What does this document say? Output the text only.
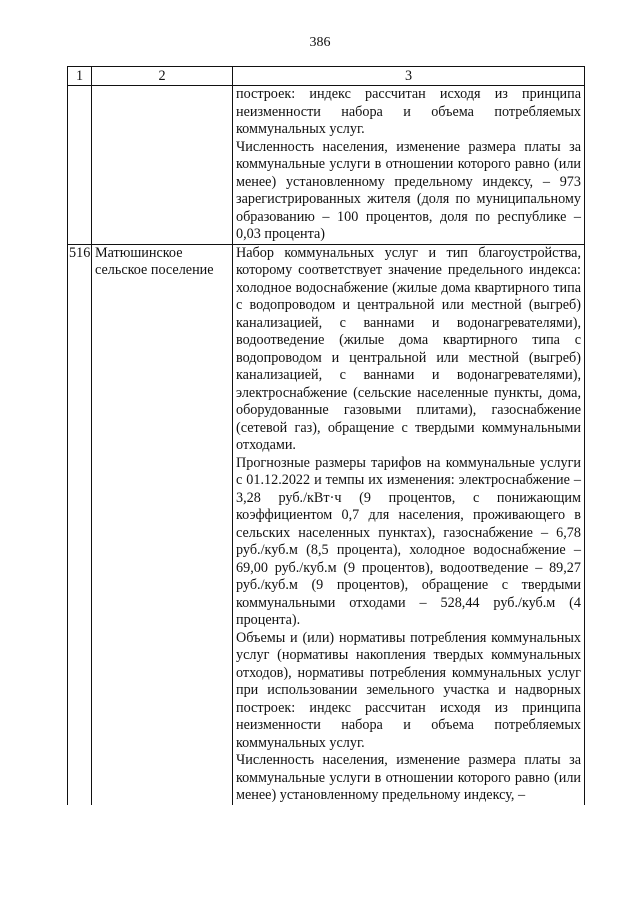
386
1	2	3

		построек: индекс рассчитан исходя из принципа неизменности набора и объема потребляемых коммунальных услуг.
Численность населения, изменение размера платы за коммунальные услуги в отношении которого равно (или менее) установленному предельному индексу, – 973 зарегистрированных жителя (доля по муниципальному образованию – 100 процентов, доля по республике – 0,03 процента)

516	Матюшинское сельское поселение	Набор коммунальных услуг и тип благоустройства, которому соответствует значение предельного индекса: холодное водоснабжение (жилые дома квартирного типа с водопроводом и центральной или местной (выгреб) канализацией, с ваннами и водонагревателями), водоотведение (жилые дома квартирного типа с водопроводом и центральной или местной (выгреб) канализацией, с ваннами и водонагревателями), электроснабжение (сельские населенные пункты, дома, оборудованные газовыми плитами), газоснабжение (сетевой газ), обращение с твердыми коммунальными отходами.
Прогнозные размеры тарифов на коммунальные услуги с 01.12.2022 и темпы их изменения: электроснабжение – 3,28 руб./кВт·ч (9 процентов, с понижающим коэффициентом 0,7 для населения, проживающего в сельских населенных пунктах), газоснабжение – 6,78 руб./куб.м (8,5 процента), холодное водоснабжение – 69,00 руб./куб.м (9 процентов), водоотведение – 89,27 руб./куб.м (9 процентов), обращение с твердыми коммунальными отходами – 528,44 руб./куб.м (4 процента).
Объемы и (или) нормативы потребления коммунальных услуг (нормативы накопления твердых коммунальных отходов), нормативы потребления коммунальных услуг при использовании земельного участка и надворных построек: индекс рассчитан исходя из принципа неизменности набора и объема потребляемых коммунальных услуг.
Численность населения, изменение размера платы за коммунальные услуги в отношении которого равно (или менее) установленному предельному индексу, –
